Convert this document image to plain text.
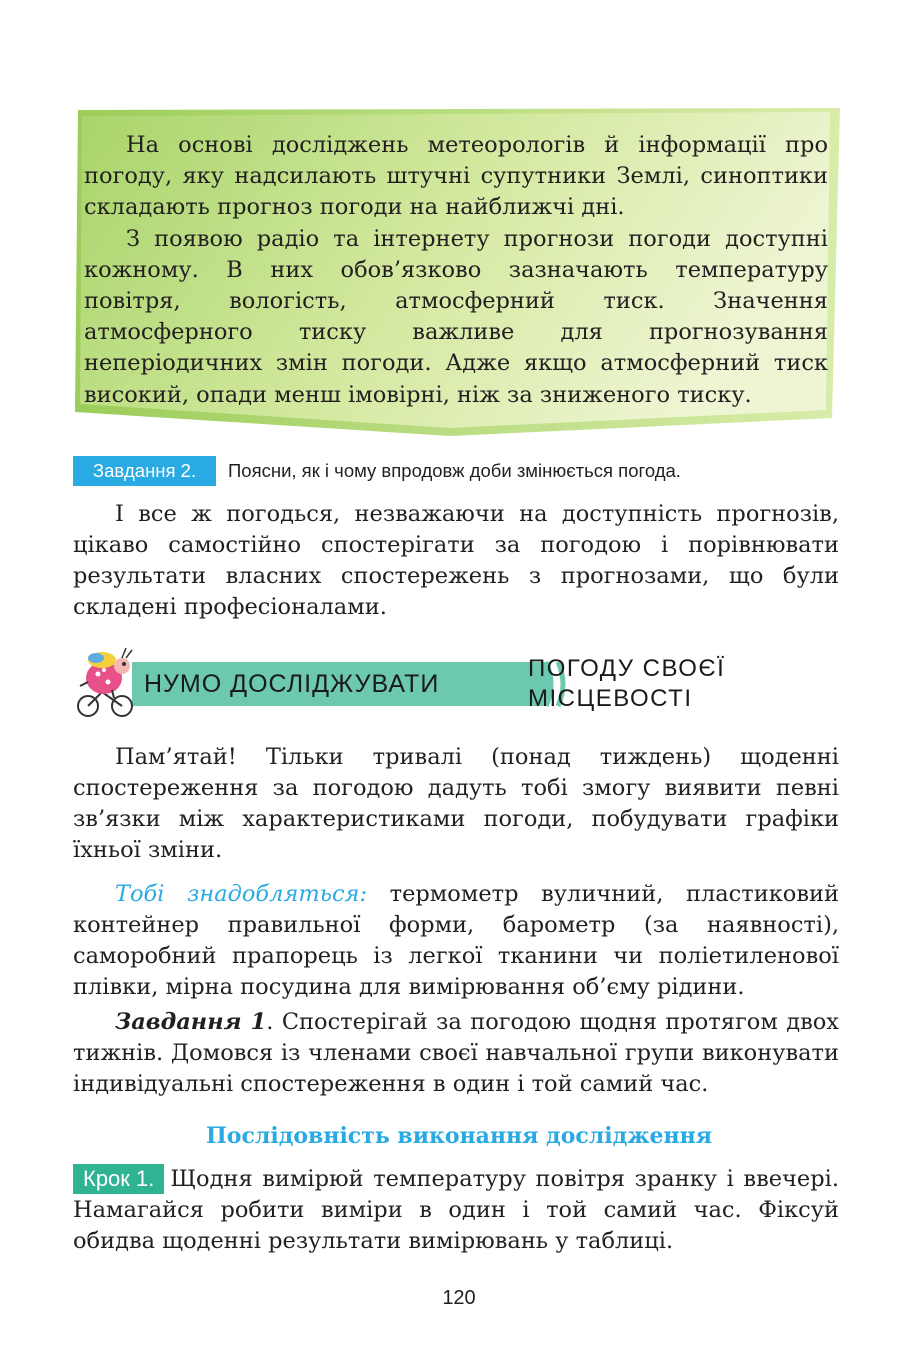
На основі досліджень метеорологів й інформації про погоду, яку надсилають штучні супутники Землі, синоптики складають прогноз погоди на найближчі дні.

З появою радіо та інтернету прогнози погоди доступні кожному. В них обов’язково зазначають температуру повітря, вологість, атмосферний тиск. Значення атмосферного тиску важливе для прогнозування неперіодичних змін погоди. Адже якщо атмосферний тиск високий, опади менш імовірні, ніж за зниженого тиску.

Завдання 2.	Поясни, як і чому впродовж доби змінюється погода.

І все ж погодься, незважаючи на доступність прогнозів, цікаво самостійно спостерігати за погодою і порівнювати результати власних спостережень з прогнозами, що були складені професіоналами.

НУМО ДОСЛІДЖУВАТИ
ПОГОДУ СВОЄЇ
МІСЦЕВОСТІ

Пам’ятай! Тільки тривалі (понад тиждень) щоденні спостереження за погодою дадуть тобі змогу виявити певні зв’язки між характеристиками погоди, побудувати графіки їхньої зміни.

Тобі знадобляться: термометр вуличний, пластиковий контейнер правильної форми, барометр (за наявності), саморобний прапорець із легкої тканини чи поліетиленової плівки, мірна посудина для вимірювання об’єму рідини.

Завдання 1. Спостерігай за погодою щодня протягом двох тижнів. Домовся із членами своєї навчальної групи виконувати індивідуальні спостереження в один і той самий час.

Послідовність виконання дослідження

Крок 1. Щодня вимірюй температуру повітря зранку і ввечері. Намагайся робити виміри в один і той самий час. Фіксуй обидва щоденні результати вимірювань у таблиці.

120
